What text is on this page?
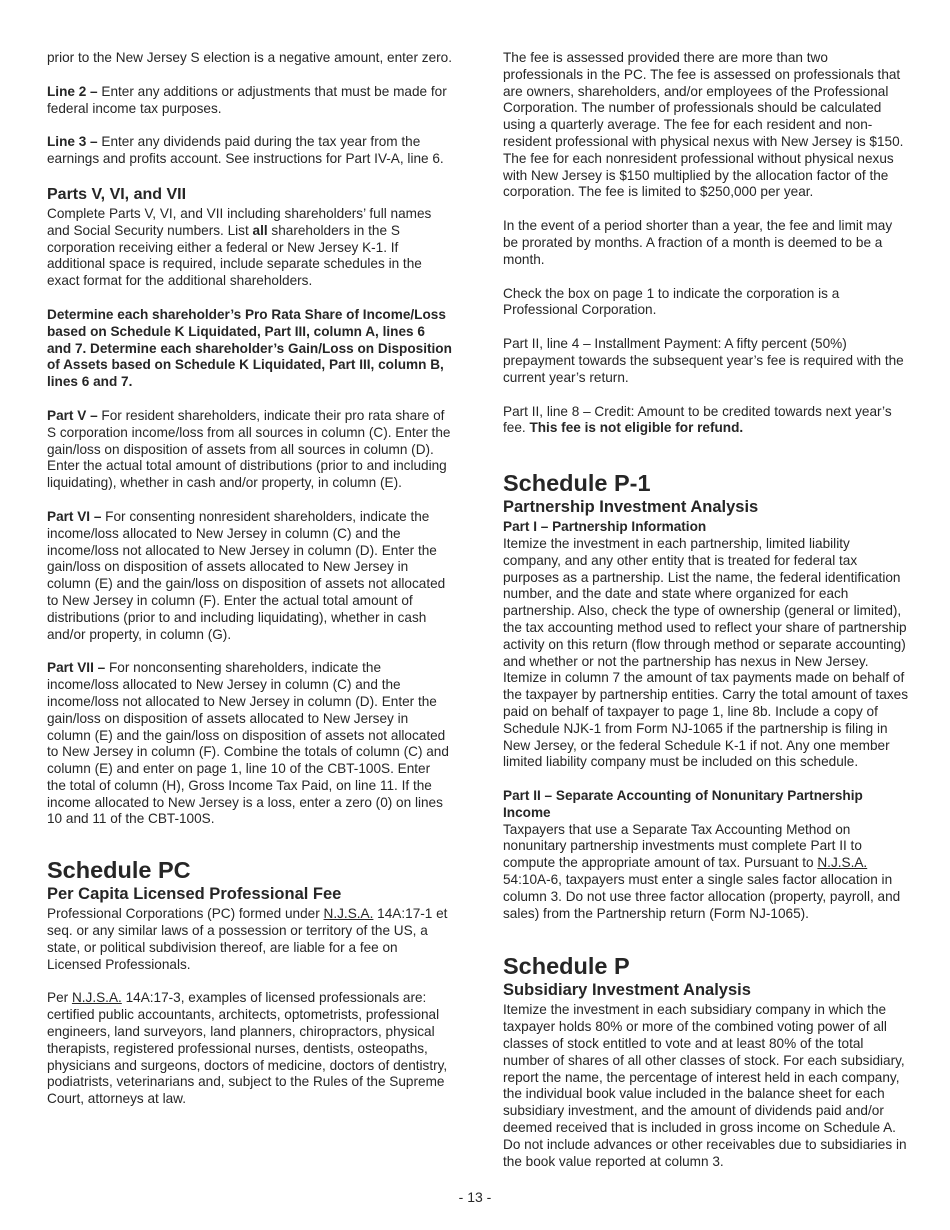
prior to the New Jersey S election is a negative amount, enter zero.

Line 2 – Enter any additions or adjustments that must be made for federal income tax purposes.

Line 3 – Enter any dividends paid during the tax year from the earnings and profits account. See instructions for Part IV-A, line 6.

Parts V, VI, and VII

Complete Parts V, VI, and VII including shareholders’ full names and Social Security numbers. List all shareholders in the S corporation receiving either a federal or New Jersey K-1. If additional space is required, include separate schedules in the exact format for the additional shareholders.

Determine each shareholder’s Pro Rata Share of Income/Loss based on Schedule K Liquidated, Part III, column A, lines 6 and 7. Determine each shareholder’s Gain/Loss on Disposition of Assets based on Schedule K Liquidated, Part III, column B, lines 6 and 7.

Part V – For resident shareholders, indicate their pro rata share of S corporation income/loss from all sources in column (C). Enter the gain/loss on disposition of assets from all sources in column (D). Enter the actual total amount of distributions (prior to and including liquidating), whether in cash and/or property, in column (E).

Part VI – For consenting nonresident shareholders, indicate the income/loss allocated to New Jersey in column (C) and the income/loss not allocated to New Jersey in column (D). Enter the gain/loss on disposition of assets allocated to New Jersey in column (E) and the gain/loss on disposition of assets not allocated to New Jersey in column (F). Enter the actual total amount of distributions (prior to and including liquidating), whether in cash and/or property, in column (G).

Part VII – For nonconsenting shareholders, indicate the income/loss allocated to New Jersey in column (C) and the income/loss not allocated to New Jersey in column (D). Enter the gain/loss on disposition of assets allocated to New Jersey in column (E) and the gain/loss on disposition of assets not allocated to New Jersey in column (F). Combine the totals of column (C) and column (E) and enter on page 1, line 10 of the CBT-100S. Enter the total of column (H), Gross Income Tax Paid, on line 11. If the income allocated to New Jersey is a loss, enter a zero (0) on lines 10 and 11 of the CBT-100S.

Schedule PC
Per Capita Licensed Professional Fee

Professional Corporations (PC) formed under N.J.S.A. 14A:17-1 et seq. or any similar laws of a possession or territory of the US, a state, or political subdivision thereof, are liable for a fee on Licensed Professionals.

Per N.J.S.A. 14A:17-3, examples of licensed professionals are: certified public accountants, architects, optometrists, professional engineers, land surveyors, land planners, chiropractors, physical therapists, registered professional nurses, dentists, osteopaths, physicians and surgeons, doctors of medicine, doctors of dentistry, podiatrists, veterinarians and, subject to the Rules of the Supreme Court, attorneys at law.

The fee is assessed provided there are more than two professionals in the PC. The fee is assessed on professionals that are owners, shareholders, and/or employees of the Professional Corporation. The number of professionals should be calculated using a quarterly average. The fee for each resident and non-resident professional with physical nexus with New Jersey is $150. The fee for each nonresident professional without physical nexus with New Jersey is $150 multiplied by the allocation factor of the corporation. The fee is limited to $250,000 per year.

In the event of a period shorter than a year, the fee and limit may be prorated by months. A fraction of a month is deemed to be a month.

Check the box on page 1 to indicate the corporation is a Professional Corporation.

Part II, line 4 – Installment Payment: A fifty percent (50%) prepayment towards the subsequent year’s fee is required with the current year’s return.

Part II, line 8 – Credit: Amount to be credited towards next year’s fee. This fee is not eligible for refund.

Schedule P-1
Partnership Investment Analysis
Part I – Partnership Information

Itemize the investment in each partnership, limited liability company, and any other entity that is treated for federal tax purposes as a partnership. List the name, the federal identification number, and the date and state where organized for each partnership. Also, check the type of ownership (general or limited), the tax accounting method used to reflect your share of partnership activity on this return (flow through method or separate accounting) and whether or not the partnership has nexus in New Jersey. Itemize in column 7 the amount of tax payments made on behalf of the taxpayer by partnership entities. Carry the total amount of taxes paid on behalf of taxpayer to page 1, line 8b. Include a copy of Schedule NJK-1 from Form NJ-1065 if the partnership is filing in New Jersey, or the federal Schedule K-1 if not. Any one member limited liability company must be included on this schedule.

Part II – Separate Accounting of Nonunitary Partnership Income

Taxpayers that use a Separate Tax Accounting Method on nonunitary partnership investments must complete Part II to compute the appropriate amount of tax. Pursuant to N.J.S.A. 54:10A-6, taxpayers must enter a single sales factor allocation in column 3. Do not use three factor allocation (property, payroll, and sales) from the Partnership return (Form NJ-1065).

Schedule P
Subsidiary Investment Analysis

Itemize the investment in each subsidiary company in which the taxpayer holds 80% or more of the combined voting power of all classes of stock entitled to vote and at least 80% of the total number of shares of all other classes of stock. For each subsidiary, report the name, the percentage of interest held in each company, the individual book value included in the balance sheet for each subsidiary investment, and the amount of dividends paid and/or deemed received that is included in gross income on Schedule A. Do not include advances or other receivables due to subsidiaries in the book value reported at column 3.

- 13 -
